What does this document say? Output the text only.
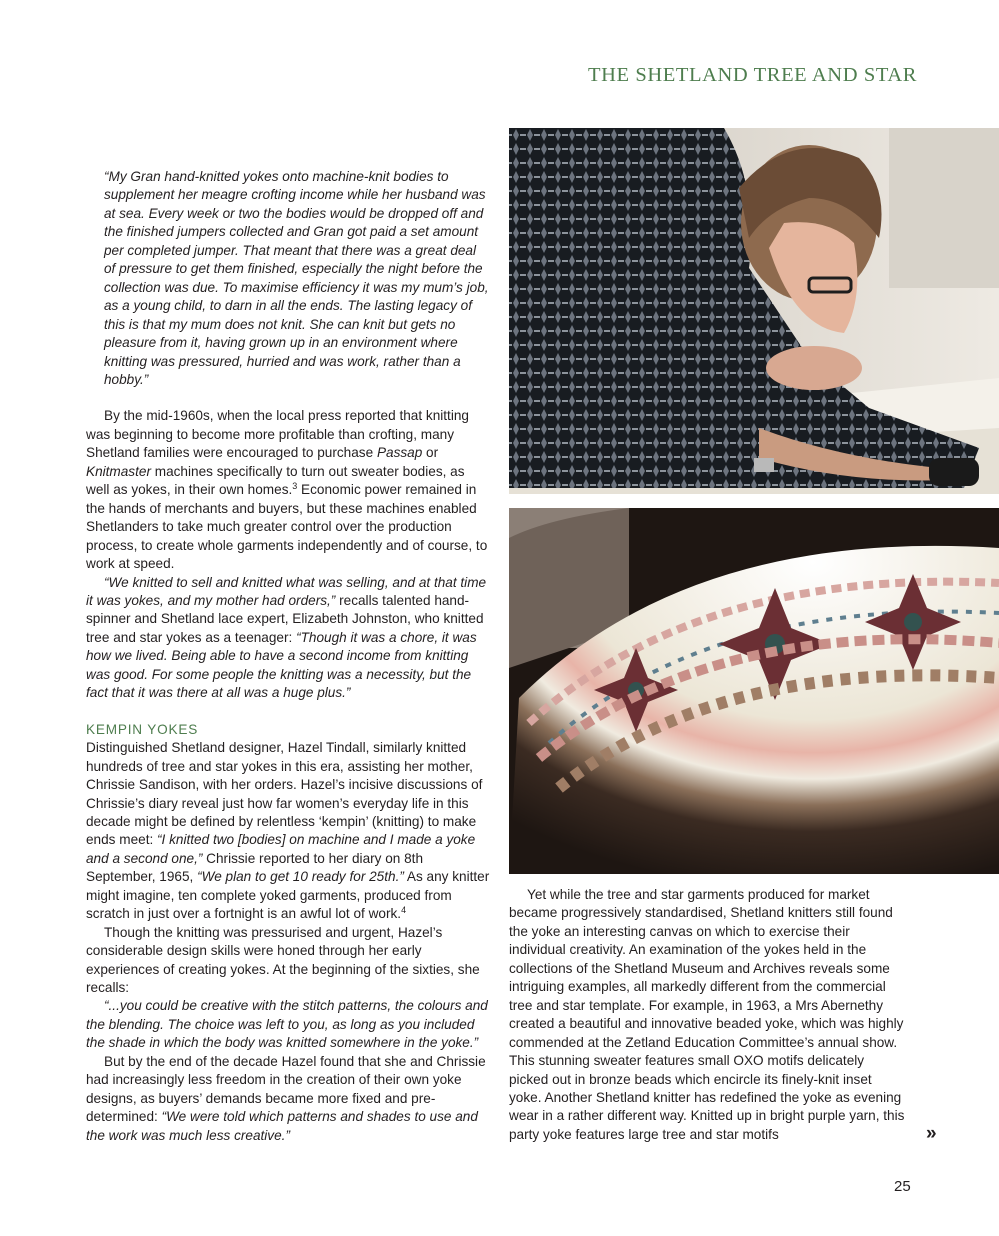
THE SHETLAND TREE AND STAR

“My Gran hand-knitted yokes onto machine-knit bodies to supplement her meagre crofting income while her husband was at sea. Every week or two the bodies would be dropped off and the finished jumpers collected and Gran got paid a set amount per completed jumper. That meant that there was a great deal of pressure to get them finished, especially the night before the collection was due. To maximise efficiency it was my mum’s job, as a young child, to darn in all the ends. The lasting legacy of this is that my mum does not knit. She can knit but gets no pleasure from it, having grown up in an environment where knitting was pressured, hurried and was work, rather than a hobby.”

By the mid-1960s, when the local press reported that knitting was beginning to become more profitable than crofting, many Shetland families were encouraged to purchase Passap or Knitmaster machines specifically to turn out sweater bodies, as well as yokes, in their own homes.$^3$ Economic power remained in the hands of merchants and buyers, but these machines enabled Shetlanders to take much greater control over the production process, to create whole garments independently and of course, to work at speed.

“We knitted to sell and knitted what was selling, and at that time it was yokes, and my mother had orders,” recalls talented hand-spinner and Shetland lace expert, Elizabeth Johnston, who knitted tree and star yokes as a teenager: “Though it was a chore, it was how we lived. Being able to have a second income from knitting was good. For some people the knitting was a necessity, but the fact that it was there at all was a huge plus.”

KEMPIN YOKES

Distinguished Shetland designer, Hazel Tindall, similarly knitted hundreds of tree and star yokes in this era, assisting her mother, Chrissie Sandison, with her orders. Hazel’s incisive discussions of Chrissie’s diary reveal just how far women’s everyday life in this decade might be defined by relentless ‘kempin’ (knitting) to make ends meet: “I knitted two [bodies] on machine and I made a yoke and a second one,” Chrissie reported to her diary on 8th September, 1965, “We plan to get 10 ready for 25th.” As any knitter might imagine, ten complete yoked garments, produced from scratch in just over a fortnight is an awful lot of work.$^4$

Though the knitting was pressurised and urgent, Hazel’s considerable design skills were honed through her early experiences of creating yokes. At the beginning of the sixties, she recalls:

“...you could be creative with the stitch patterns, the colours and the blending. The choice was left to you, as long as you included the shade in which the body was knitted somewhere in the yoke.”

But by the end of the decade Hazel found that she and Chrissie had increasingly less freedom in the creation of their own yoke designs, as buyers’ demands became more fixed and pre-determined: “We were told which patterns and shades to use and the work was much less creative.”

Yet while the tree and star garments produced for market became progressively standardised, Shetland knitters still found the yoke an interesting canvas on which to exercise their individual creativity. An examination of the yokes held in the collections of the Shetland Museum and Archives reveals some intriguing examples, all markedly different from the commercial tree and star template. For example, in 1963, a Mrs Abernethy created a beautiful and innovative beaded yoke, which was highly commended at the Zetland Education Committee’s annual show. This stunning sweater features small OXO motifs delicately picked out in bronze beads which encircle its finely-knit inset yoke. Another Shetland knitter has redefined the yoke as evening wear in a rather different way. Knitted up in bright purple yarn, this party yoke features large tree and star motifs	»
25
